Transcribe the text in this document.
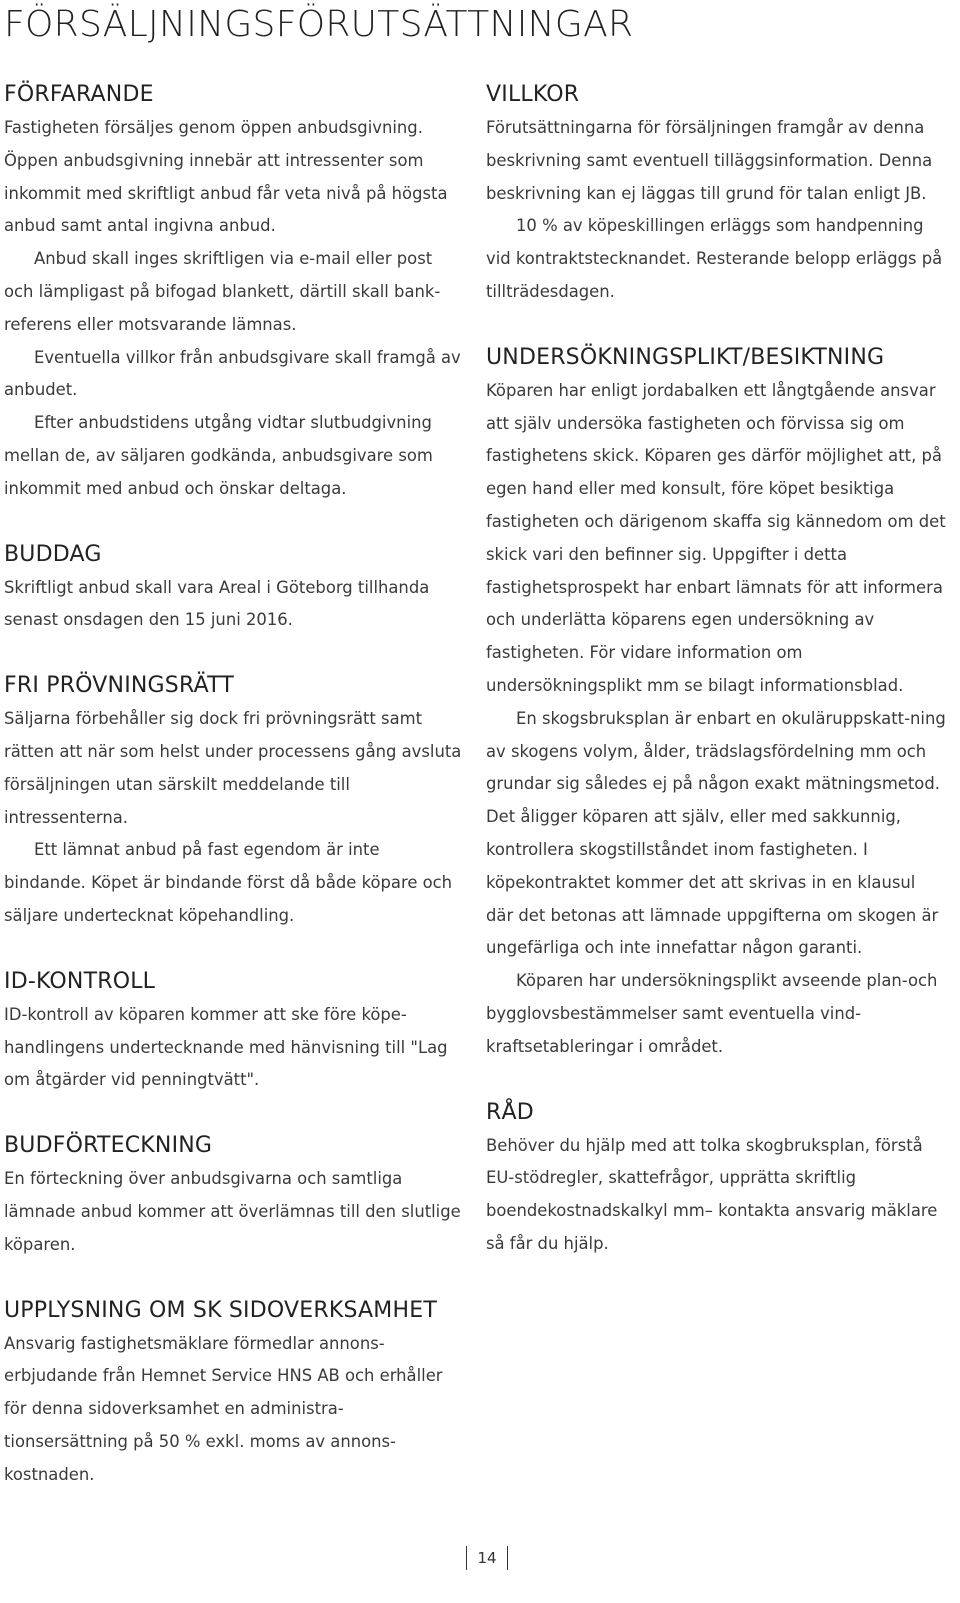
FÖRSÄLJNINGSFÖRUTSÄTTNINGAR
FÖRFARANDE

Fastigheten försäljes genom öppen anbudsgivning. Öppen anbudsgivning innebär att intressenter som inkommit med skriftligt anbud får veta nivå på högsta anbud samt antal ingivna anbud.

Anbud skall inges skriftligen via e-mail eller post och lämpligast på bifogad blankett, därtill skall bank-referens eller motsvarande lämnas.

Eventuella villkor från anbudsgivare skall framgå av anbudet.

Efter anbudstidens utgång vidtar slutbudgivning mellan de, av säljaren godkända, anbudsgivare som inkommit med anbud och önskar deltaga.

BUDDAG

Skriftligt anbud skall vara Areal i Göteborg tillhanda senast onsdagen den 15 juni 2016.

FRI PRÖVNINGSRÄTT

Säljarna förbehåller sig dock fri prövningsrätt samt rätten att när som helst under processens gång avsluta försäljningen utan särskilt meddelande till intressenterna.

Ett lämnat anbud på fast egendom är inte bindande. Köpet är bindande först då både köpare och säljare undertecknat köpehandling.

ID-KONTROLL

ID-kontroll av köparen kommer att ske före köpe-handlingens undertecknande med hänvisning till "Lag om åtgärder vid penningtvätt".

BUDFÖRTECKNING

En förteckning över anbudsgivarna och samtliga lämnade anbud kommer att överlämnas till den slutlige köparen.

UPPLYSNING OM SK SIDOVERKSAMHET

Ansvarig fastighetsmäklare förmedlar annons-erbjudande från Hemnet Service HNS AB och erhåller för denna sidoverksamhet en administra-tionsersättning på 50 % exkl. moms av annons-kostnaden.

VILLKOR

Förutsättningarna för försäljningen framgår av denna beskrivning samt eventuell tilläggsinformation. Denna beskrivning kan ej läggas till grund för talan enligt JB.

10 % av köpeskillingen erläggs som handpenning vid kontraktstecknandet. Resterande belopp erläggs på tillträdesdagen.

UNDERSÖKNINGSPLIKT/BESIKTNING

Köparen har enligt jordabalken ett långtgående ansvar att själv undersöka fastigheten och förvissa sig om fastighetens skick. Köparen ges därför möjlighet att, på egen hand eller med konsult, före köpet besiktiga fastigheten och därigenom skaffa sig kännedom om det skick vari den befinner sig. Uppgifter i detta fastighetsprospekt har enbart lämnats för att informera och underlätta köparens egen undersökning av fastigheten. För vidare information om undersökningsplikt mm se bilagt informationsblad.

En skogsbruksplan är enbart en okuläruppskatt-ning av skogens volym, ålder, trädslagsfördelning mm och grundar sig således ej på någon exakt mätningsmetod. Det åligger köparen att själv, eller med sakkunnig, kontrollera skogstillståndet inom fastigheten. I köpekontraktet kommer det att skrivas in en klausul där det betonas att lämnade uppgifterna om skogen är ungefärliga och inte innefattar någon garanti.

Köparen har undersökningsplikt avseende plan-och bygglovsbestämmelser samt eventuella vind-kraftsetableringar i området.

RÅD

Behöver du hjälp med att tolka skogbruksplan, förstå EU-stödregler, skattefrågor, upprätta skriftlig boendekostnadskalkyl mm– kontakta ansvarig mäklare så får du hjälp.

14
